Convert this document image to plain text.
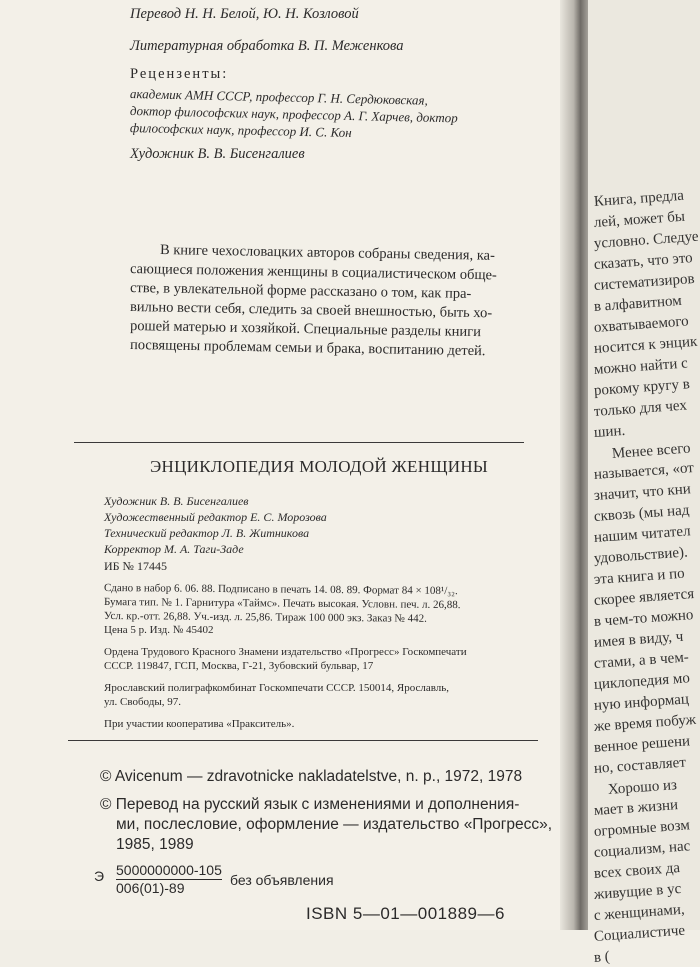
Перевод Н. Н. Белой, Ю. Н. Козловой
Литературная обработка В. П. Меженкова
Рецензенты:
академик АМН СССР, профессор Г. Н. Сердюковская,
доктор философских наук, профессор А. Г. Харчев, доктор
философских наук, профессор И. С. Кон
Художник В. В. Бисенгалиев
В книге чехословацких авторов собраны сведения, ка-
сающиеся положения женщины в социалистическом обще-
стве, в увлекательной форме рассказано о том, как пра-
вильно вести себя, следить за своей внешностью, быть хо-
рошей матерью и хозяйкой. Специальные разделы книги
посвящены проблемам семьи и брака, воспитанию детей.
ЭНЦИКЛОПЕДИЯ МОЛОДОЙ ЖЕНЩИНЫ
Художник В. В. Бисенгалиев
Художественный редактор Е. С. Морозова
Технический редактор Л. В. Житникова
Корректор М. А. Таги-Заде
ИБ № 17445
Сдано в набор 6. 06. 88. Подписано в печать 14. 08. 89. Формат 84 × 108¹/₃₂.
Бумага тип. № 1. Гарнитура «Таймс». Печать высокая. Условн. печ. л. 26,88.
Усл. кр.-отт. 26,88. Уч.-изд. л. 25,86. Тираж 100 000 экз. Заказ № 442.
Цена 5 р. Изд. № 45402
Ордена Трудового Красного Знамени издательство «Прогресс» Госкомпечати
СССР. 119847, ГСП, Москва, Г-21, Зубовский бульвар, 17
Ярославский полиграфкомбинат Госкомпечати СССР. 150014, Ярославль,
ул. Свободы, 97.
При участии кооператива «Пракситель».
© Avicenum — zdravotnicke nakladatelstve, n. p., 1972, 1978
© Перевод на русский язык с изменениями и дополнения-
ми, послесловие, оформление — издательство «Прогресс»,
1985, 1989
Э $\frac{5000000000-105}{006(01)-89}$ без объявления
ISBN 5—01—001889—6
Книга, предла
лей, может бы
условно. Следуе
сказать, что это
систематизиров
в алфавитном
охватываемого
носится к энцик
можно найти с
рокому кругу в
только для чех
шин.
Менее всего
называется, «от
значит, что кни
сквозь (мы над
нашим читател
удовольствие).
эта книга и по
скорее является
в чем-то можно
имея в виду, ч
стами, а в чем-
циклопедия мо
ную информац
же время побуж
венное решени
но, составляет
Хорошо из
мает в жизни
огромные возм
социализм, нас
всех своих да
живущие в ус
с женщинами,
Социалистиче
в (
